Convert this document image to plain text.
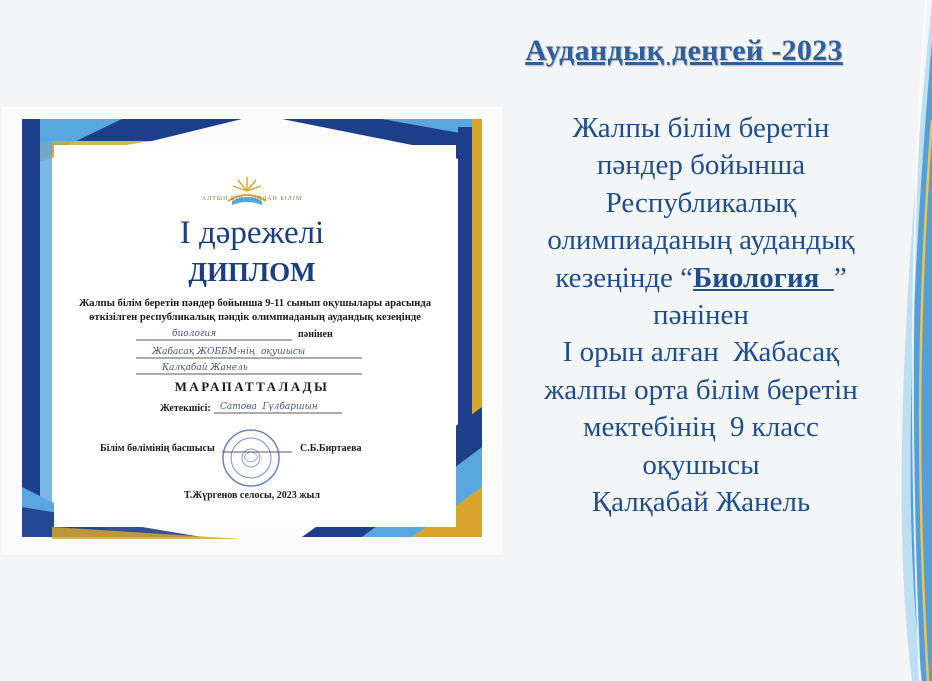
Аудандық деңгей -2023
Жалпы білім беретін
пәндер бойынша
Республикалық
олимпиаданың аудандық
кезеңінде “Биология  ”
пәнінен
І орын алған  Жабасақ
жалпы орта білім беретін
мектебінің  9 класс
оқушысы
Қалқабай Жанель
АЛТЫН БІЛ · ОЙЛАН БІЛІМ
І дәрежелі
ДИПЛОМ
Жалпы білім беретін пәндер бойынша 9-11 сынып оқушылары арасында
өткізілген республикалық пәндік олимпиаданың аудандық кезеңінде
биология	пәнінен
Жабасақ ЖОББМ-нің  оқушысы
Қалқабай Жанель
МАРАПАТТАЛАДЫ
Жетекшісі: Сатова  Гүлбаршын
Білім бөлімінің басшысы	С.Б.Биртаева
Т.Жүргенов селосы, 2023 жыл
